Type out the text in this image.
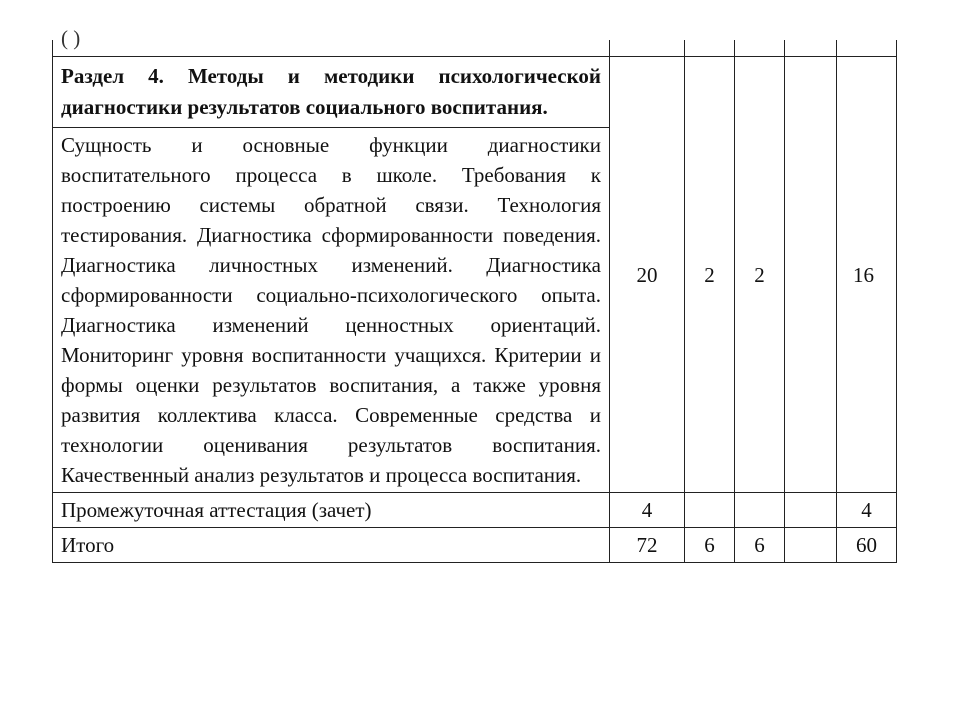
( )					

Раздел 4. Методы и методики психологической диагностики результатов социального воспитания.	20	2	2		16
Сущность и основные функции диагностики воспитательного процесса в школе. Требования к построению системы обратной связи. Технология тестирования. Диагностика сформированности поведения. Диагностика личностных изменений. Диагностика сформированности социально-психологического опыта. Диагностика изменений ценностных ориентаций. Мониторинг уровня воспитанности учащихся. Критерии и формы оценки результатов воспитания, а также уровня развития коллектива класса. Современные средства и технологии оценивания результатов воспитания. Качественный анализ результатов и процесса воспитания.					
Промежуточная аттестация (зачет)	4				4
Итого	72	6	6		60
